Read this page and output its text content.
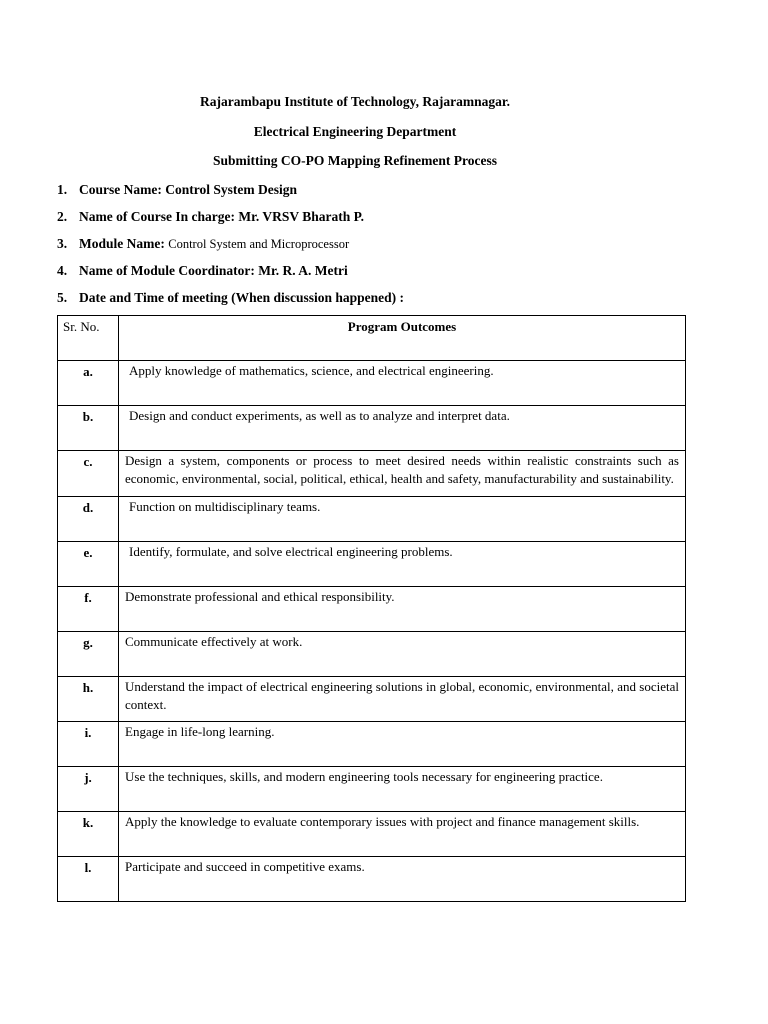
Rajarambapu Institute of Technology, Rajaramnagar.
Electrical Engineering Department
Submitting CO-PO Mapping Refinement Process
1. Course Name: Control System Design
2. Name of Course In charge: Mr. VRSV Bharath P.
3. Module Name: Control System and Microprocessor
4. Name of Module Coordinator: Mr. R. A. Metri
5. Date and Time of meeting (When discussion happened) :
Sr. No.	Program Outcomes
a.	Apply knowledge of mathematics, science, and electrical engineering.
b.	Design and conduct experiments, as well as to analyze and interpret data.
c.	Design a system, components or process to meet desired needs within realistic constraints such as economic, environmental, social, political, ethical, health and safety, manufacturability and sustainability.
d.	Function on multidisciplinary teams.
e.	Identify, formulate, and solve electrical engineering problems.
f.	Demonstrate professional and ethical responsibility.
g.	Communicate effectively at work.
h.	Understand the impact of electrical engineering solutions in global, economic, environmental, and societal context.
i.	Engage in life-long learning.
j.	Use the techniques, skills, and modern engineering tools necessary for engineering practice.
k.	Apply the knowledge to evaluate contemporary issues with project and finance management skills.
l.	Participate and succeed in competitive exams.
